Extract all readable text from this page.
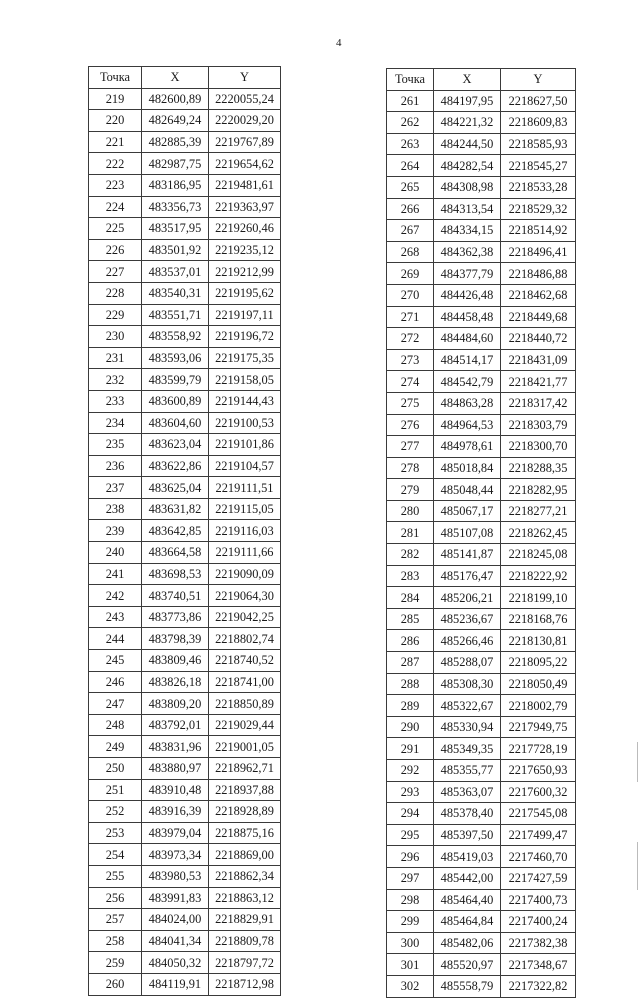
4
Точка	X	Y
219	482600,89	2220055,24
220	482649,24	2220029,20
221	482885,39	2219767,89
222	482987,75	2219654,62
223	483186,95	2219481,61
224	483356,73	2219363,97
225	483517,95	2219260,46
226	483501,92	2219235,12
227	483537,01	2219212,99
228	483540,31	2219195,62
229	483551,71	2219197,11
230	483558,92	2219196,72
231	483593,06	2219175,35
232	483599,79	2219158,05
233	483600,89	2219144,43
234	483604,60	2219100,53
235	483623,04	2219101,86
236	483622,86	2219104,57
237	483625,04	2219111,51
238	483631,82	2219115,05
239	483642,85	2219116,03
240	483664,58	2219111,66
241	483698,53	2219090,09
242	483740,51	2219064,30
243	483773,86	2219042,25
244	483798,39	2218802,74
245	483809,46	2218740,52
246	483826,18	2218741,00
247	483809,20	2218850,89
248	483792,01	2219029,44
249	483831,96	2219001,05
250	483880,97	2218962,71
251	483910,48	2218937,88
252	483916,39	2218928,89
253	483979,04	2218875,16
254	483973,34	2218869,00
255	483980,53	2218862,34
256	483991,83	2218863,12
257	484024,00	2218829,91
258	484041,34	2218809,78
259	484050,32	2218797,72
260	484119,91	2218712,98
Точка	X	Y
261	484197,95	2218627,50
262	484221,32	2218609,83
263	484244,50	2218585,93
264	484282,54	2218545,27
265	484308,98	2218533,28
266	484313,54	2218529,32
267	484334,15	2218514,92
268	484362,38	2218496,41
269	484377,79	2218486,88
270	484426,48	2218462,68
271	484458,48	2218449,68
272	484484,60	2218440,72
273	484514,17	2218431,09
274	484542,79	2218421,77
275	484863,28	2218317,42
276	484964,53	2218303,79
277	484978,61	2218300,70
278	485018,84	2218288,35
279	485048,44	2218282,95
280	485067,17	2218277,21
281	485107,08	2218262,45
282	485141,87	2218245,08
283	485176,47	2218222,92
284	485206,21	2218199,10
285	485236,67	2218168,76
286	485266,46	2218130,81
287	485288,07	2218095,22
288	485308,30	2218050,49
289	485322,67	2218002,79
290	485330,94	2217949,75
291	485349,35	2217728,19
292	485355,77	2217650,93
293	485363,07	2217600,32
294	485378,40	2217545,08
295	485397,50	2217499,47
296	485419,03	2217460,70
297	485442,00	2217427,59
298	485464,40	2217400,73
299	485464,84	2217400,24
300	485482,06	2217382,38
301	485520,97	2217348,67
302	485558,79	2217322,82
